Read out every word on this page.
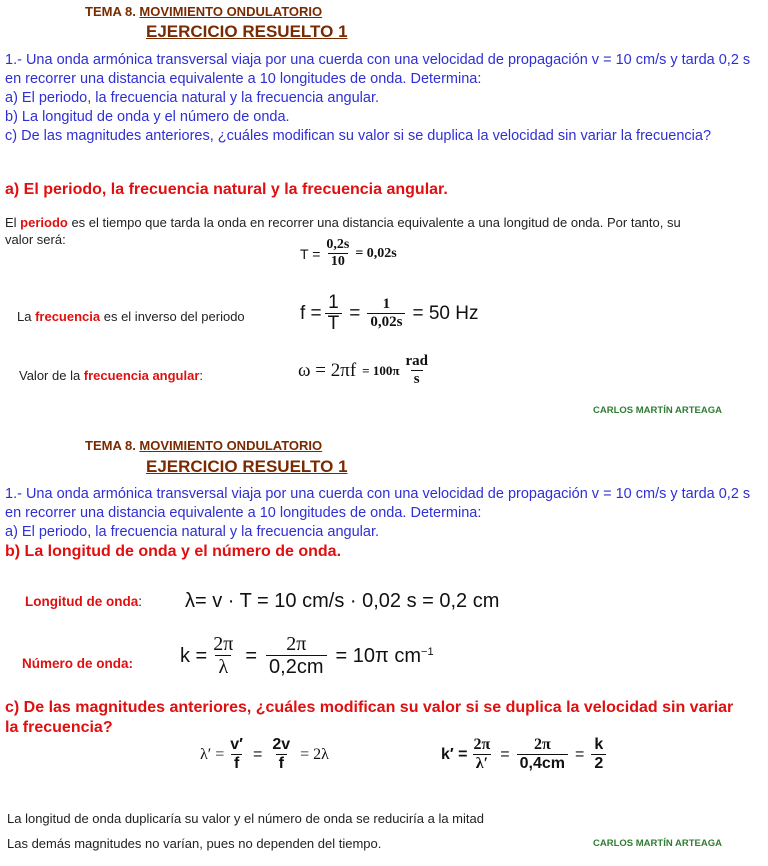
TEMA 8. MOVIMIENTO ONDULATORIO
EJERCICIO RESUELTO 1
1.- Una onda armónica transversal viaja por una cuerda con una velocidad de propagación v = 10 cm/s y tarda 0,2 s en recorrer una distancia equivalente a 10 longitudes de onda. Determina:
a) El periodo, la frecuencia natural y la frecuencia angular.
b) La longitud de onda y el número de onda.
c) De las magnitudes anteriores, ¿cuáles modifican su valor si se duplica la velocidad sin variar la frecuencia?
a) El periodo, la frecuencia natural y la frecuencia angular.
El periodo es el tiempo que tarda la onda en recorrer una distancia equivalente a una longitud de onda. Por tanto, su
valor será:
$T = \frac{0,2s}{10} = 0,02s$
La frecuencia es el inverso del periodo	$f = \frac{1}{T} = \frac{1}{0,02s} = 50$ Hz
Valor de la frecuencia angular:	$\omega = 2\pi f = 100\pi \frac{\text{rad}}{s}$
CARLOS MARTÍN ARTEAGA
TEMA 8. MOVIMIENTO ONDULATORIO
EJERCICIO RESUELTO 1
1.- Una onda armónica transversal viaja por una cuerda con una velocidad de propagación v = 10 cm/s y tarda 0,2 s en recorrer una distancia equivalente a 10 longitudes de onda. Determina:
a) El periodo, la frecuencia natural y la frecuencia angular.
b) La longitud de onda y el número de onda.
Longitud de onda: λ= v · T = 10 cm/s · 0,02 s = 0,2 cm
Número de onda: $k = \frac{2\pi}{\lambda} = \frac{2\pi}{0,2cm} = 10\pi$ $cm^{-1}$
c) De las magnitudes anteriores, ¿cuáles modifican su valor si se duplica la velocidad sin variar la frecuencia?
$\lambda' = \frac{v'}{f} = \frac{2v}{f} = 2\lambda$	$k' = \frac{2\pi}{\lambda'} = \frac{2\pi}{0,4cm} = \frac{k}{2}$
La longitud de onda duplicaría su valor y el número de onda se reduciría a la mitad
Las demás magnitudes no varían, pues no dependen del tiempo.	CARLOS MARTÍN ARTEAGA
